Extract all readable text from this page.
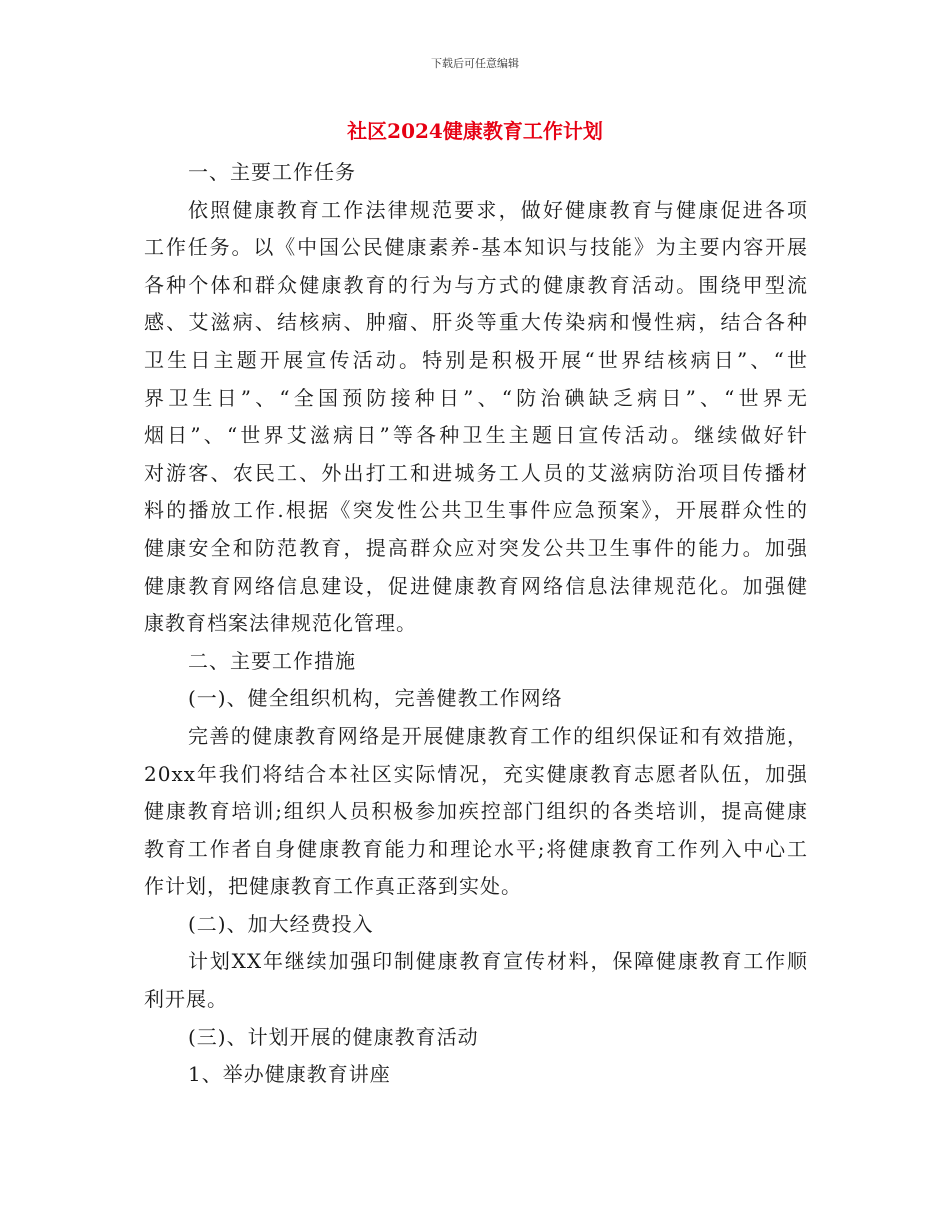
下载后可任意编辑
社区2024健康教育工作计划
一、主要工作任务
依照健康教育工作法律规范要求，做好健康教育与健康促进各项
工作任务。以《中国公民健康素养-基本知识与技能》为主要内容开展
各种个体和群众健康教育的行为与方式的健康教育活动。围绕甲型流
感、艾滋病、结核病、肿瘤、肝炎等重大传染病和慢性病，结合各种
卫生日主题开展宣传活动。特别是积极开展“世界结核病日”、“世
界卫生日”、“全国预防接种日”、“防治碘缺乏病日”、“世界无
烟日”、“世界艾滋病日”等各种卫生主题日宣传活动。继续做好针
对游客、农民工、外出打工和进城务工人员的艾滋病防治项目传播材
料的播放工作.根据《突发性公共卫生事件应急预案》，开展群众性的
健康安全和防范教育，提高群众应对突发公共卫生事件的能力。加强
健康教育网络信息建设，促进健康教育网络信息法律规范化。加强健
康教育档案法律规范化管理。
二、主要工作措施
(一)、健全组织机构，完善健教工作网络
完善的健康教育网络是开展健康教育工作的组织保证和有效措施，
20xx年我们将结合本社区实际情况，充实健康教育志愿者队伍，加强
健康教育培训;组织人员积极参加疾控部门组织的各类培训，提高健康
教育工作者自身健康教育能力和理论水平;将健康教育工作列入中心工
作计划，把健康教育工作真正落到实处。
(二)、加大经费投入
计划XX年继续加强印制健康教育宣传材料，保障健康教育工作顺
利开展。
(三)、计划开展的健康教育活动
1、举办健康教育讲座
